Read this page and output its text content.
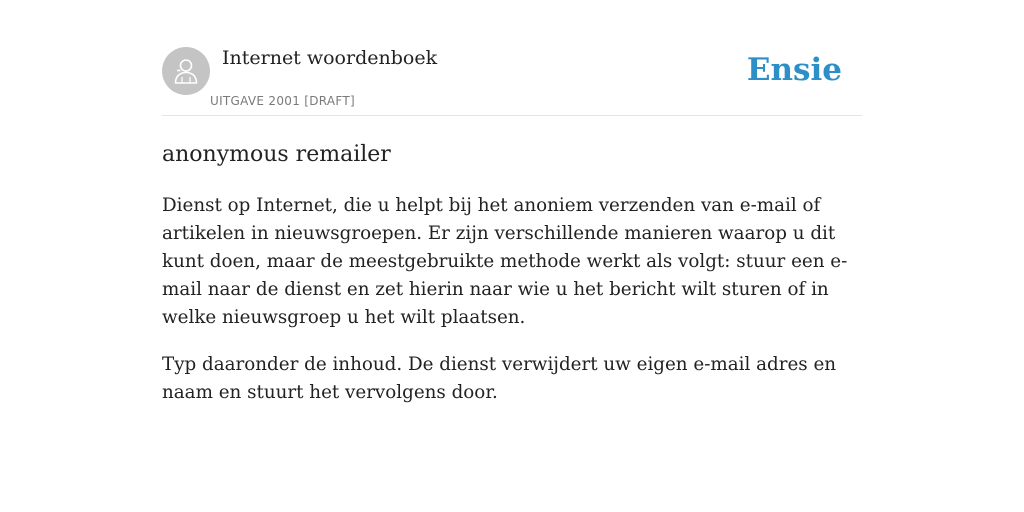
Internet woordenboek
UITGAVE 2001 [DRAFT]
Ensie
anonymous remailer

Dienst op Internet, die u helpt bij het anoniem verzenden van e-mail of artikelen in nieuwsgroepen. Er zijn verschillende manieren waarop u dit kunt doen, maar de meestgebruikte methode werkt als volgt: stuur een e-mail naar de dienst en zet hierin naar wie u het bericht wilt sturen of in welke nieuwsgroep u het wilt plaatsen.

Typ daaronder de inhoud. De dienst verwijdert uw eigen e-mail adres en naam en stuurt het vervolgens door.
